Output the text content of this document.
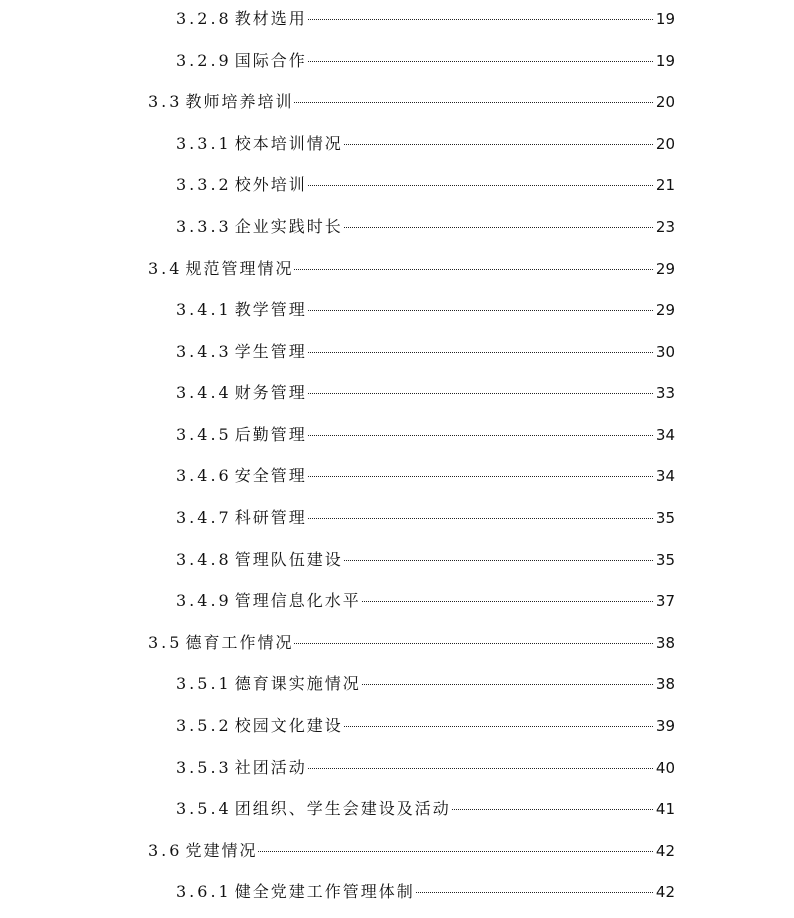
3.2.8 教材选用	19
3.2.9 国际合作	19
3.3 教师培养培训	20
3.3.1 校本培训情况	20
3.3.2 校外培训	21
3.3.3 企业实践时长	23
3.4 规范管理情况	29
3.4.1 教学管理	29
3.4.3 学生管理	30
3.4.4 财务管理	33
3.4.5 后勤管理	34
3.4.6 安全管理	34
3.4.7 科研管理	35
3.4.8 管理队伍建设	35
3.4.9 管理信息化水平	37
3.5 德育工作情况	38
3.5.1 德育课实施情况	38
3.5.2 校园文化建设	39
3.5.3 社团活动	40
3.5.4 团组织、学生会建设及活动	41
3.6 党建情况	42
3.6.1 健全党建工作管理体制	42
